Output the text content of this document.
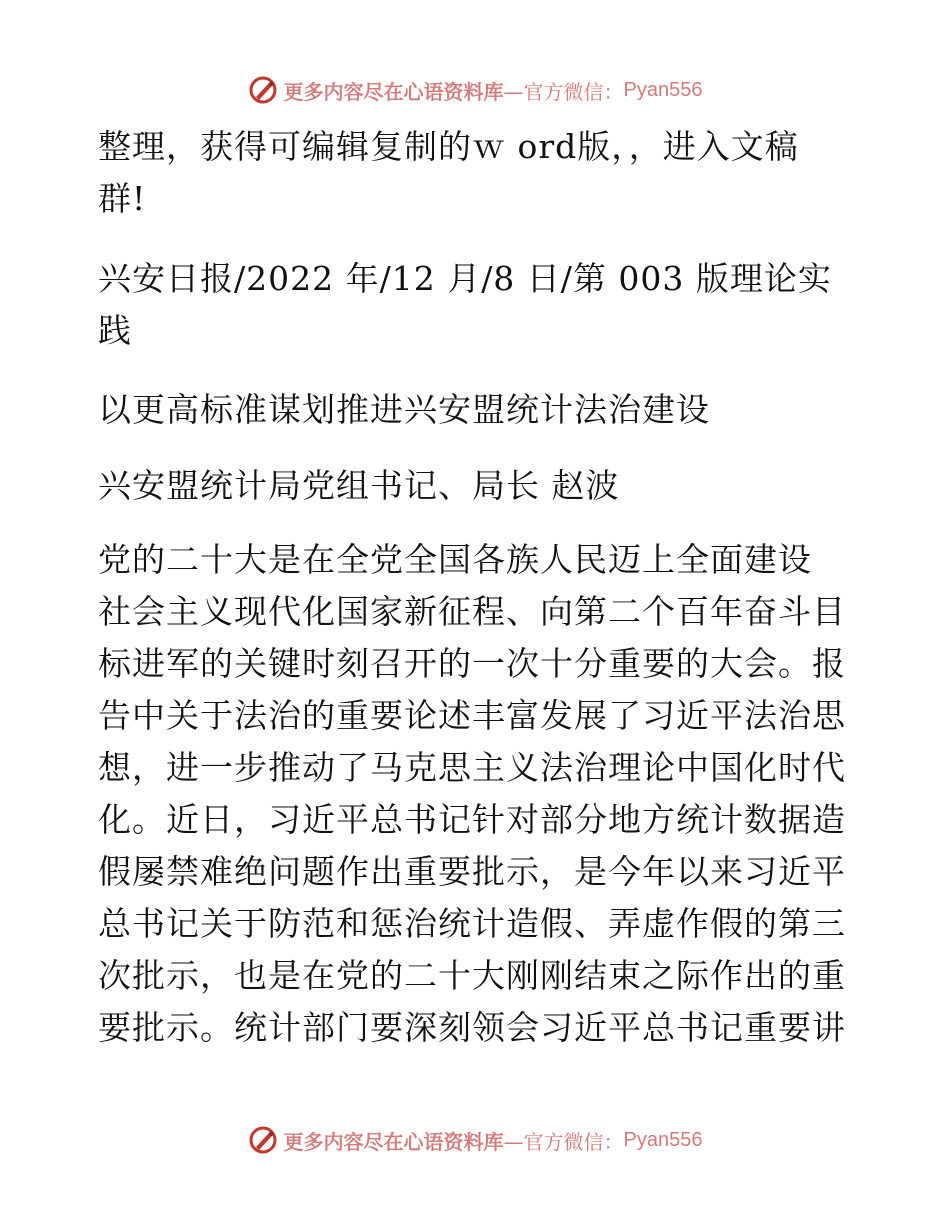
更多内容尽在心语资料库 —官方微信： Pyan556
整理，获得可编辑复制的ｗ ord版，，进入文稿
群!
兴安日报/2022 年/12 月/8 日/第 003 版理论实
践
以更高标准谋划推进兴安盟统计法治建设
兴安盟统计局党组书记、局长 赵波
党的二十大是在全党全国各族人民迈上全面建设
社会主义现代化国家新征程、向第二个百年奋斗目
标进军的关键时刻召开的一次十分重要的大会。报
告中关于法治的重要论述丰富发展了习近平法治思
想，进一步推动了马克思主义法治理论中国化时代
化。近日，习近平总书记针对部分地方统计数据造
假屡禁难绝问题作出重要批示，是今年以来习近平
总书记关于防范和惩治统计造假、弄虚作假的第三
次批示，也是在党的二十大刚刚结束之际作出的重
要批示。统计部门要深刻领会习近平总书记重要讲
更多内容尽在心语资料库 —官方微信： Pyan556
